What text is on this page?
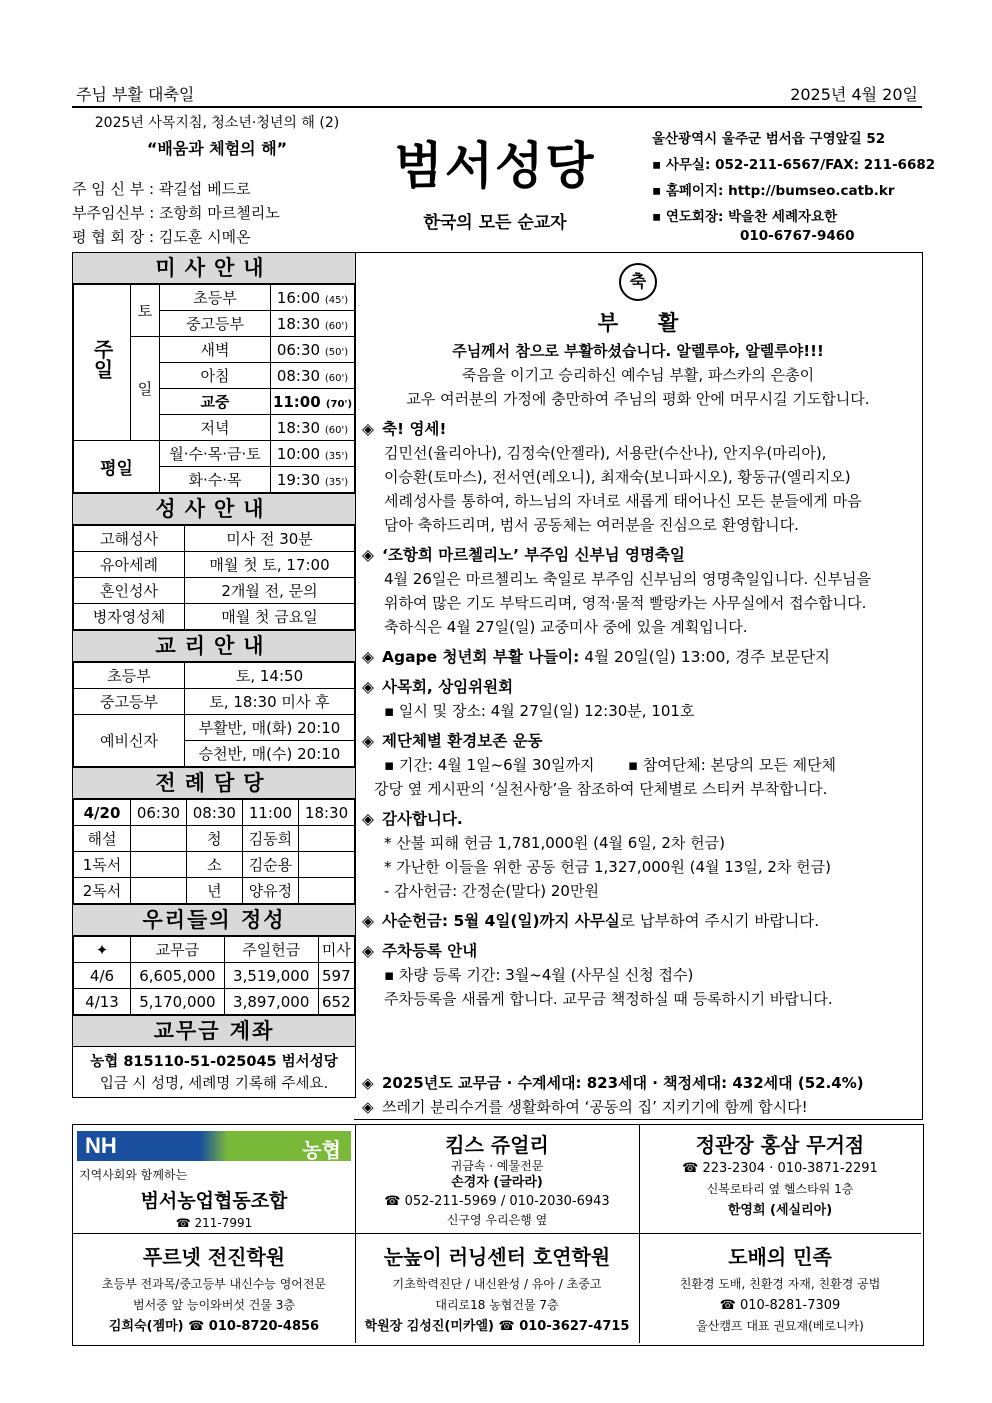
주님 부활 대축일	2025년 4월 20일
2025년 사목지침, 청소년·청년의 해 (2)
“배움과 체험의 해”
주 임 신 부 : 곽길섭 베드로
부주임신부 : 조항희 마르첼리노
평 협 회 장 : 김도훈 시메온
범서성당
한국의 모든 순교자
울산광역시 울주군 범서읍 구영앞길 52
▪ 사무실: 052-211-6567/FAX: 211-6682
▪ 홈페이지: http://bumseo.catb.kr
▪ 연도회장: 박을찬 세례자요한
010-6767-9460
미사안내
주일	토	초등부	16:00 (45')
		중고등부	18:30 (60')
	일	새벽	06:30 (50')
		아침	08:30 (60')
		교중	11:00 (70')
		저녁	18:30 (60')
평일		월·수·목·금·토	10:00 (35')
		화·수·목	19:30 (35')
성사안내
고해성사	미사 전 30분
유아세례	매월 첫 토, 17:00
혼인성사	2개월 전, 문의
병자영성체	매월 첫 금요일
교리안내
초등부	토, 14:50
중고등부	토, 18:30 미사 후
예비신자	부활반, 매(화) 20:10
	승천반, 매(수) 20:10
전례담당
4/20	06:30	08:30	11:00	18:30
해설		청	김동희	
1독서		소	김순용	
2독서		년	양유정	
우리들의 정성
✦	교무금	주일헌금	미사
4/6	6,605,000	3,519,000	597
4/13	5,170,000	3,897,000	652
교무금 계좌
농협 815110-51-025045 범서성당
입금 시 성명, 세례명 기록해 주세요.
축
부활
주님께서 참으로 부활하셨습니다. 알렐루야, 알렐루야!!!
죽음을 이기고 승리하신 예수님 부활, 파스카의 은총이
교우 여러분의 가정에 충만하여 주님의 평화 안에 머무시길 기도합니다.
◈ 축! 영세!
김민선(율리아나), 김정숙(안젤라), 서용란(수산나), 안지우(마리아),
이승환(토마스), 전서연(레오니), 최재숙(보니파시오), 황동규(엘리지오)
세례성사를 통하여, 하느님의 자녀로 새롭게 태어나신 모든 분들에게 마음
담아 축하드리며, 범서 공동체는 여러분을 진심으로 환영합니다.
◈ ‘조항희 마르첼리노’ 부주임 신부님 영명축일
4월 26일은 마르첼리노 축일로 부주임 신부님의 영명축일입니다. 신부님을
위하여 많은 기도 부탁드리며, 영적·물적 빨랑카는 사무실에서 접수합니다.
축하식은 4월 27일(일) 교중미사 중에 있을 계획입니다.
◈ Agape 청년회 부활 나들이: 4월 20일(일) 13:00, 경주 보문단지
◈ 사목회, 상임위원회
▪ 일시 및 장소: 4월 27일(일) 12:30분, 101호
◈ 제단체별 환경보존 운동
▪ 기간: 4월 1일~6월 30일까지       ▪ 참여단체: 본당의 모든 제단체
강당 옆 게시판의 ‘실천사항’을 참조하여 단체별로 스티커 부착합니다.
◈ 감사합니다.
* 산불 피해 헌금 1,781,000원 (4월 6일, 2차 헌금)
* 가난한 이들을 위한 공동 헌금 1,327,000원 (4월 13일, 2차 헌금)
- 감사헌금: 간정순(말다) 20만원
◈ 사순헌금: 5월 4일(일)까지 사무실로 납부하여 주시기 바랍니다.
◈ 주차등록 안내
▪ 차량 등록 기간: 3월~4월 (사무실 신청 접수)
주차등록을 새롭게 합니다. 교무금 책정하실 때 등록하시기 바랍니다.
◈ 2025년도 교무금 · 수계세대: 823세대 · 책정세대: 432세대 (52.4%)
◈ 쓰레기 분리수거를 생활화하여 ‘공동의 집’ 지키기에 함께 합시다!
NH	농협
지역사회와 함께하는
범서농업협동조합
☎ 211-7991
킴스 쥬얼리
귀금속 · 예물전문
손경자 (글라라)
☎ 052-211-5969 / 010-2030-6943
신구영 우리은행 옆
정관장 홍삼 무거점
☎ 223-2304 · 010-3871-2291
신복로타리 옆 헬스타워 1층
한영희 (세실리아)
푸르넷 전진학원
초등부 전과목/중고등부 내신수능 영어전문
범서중 앞 능이와버섯 건물 3층
김희숙(젬마) ☎ 010-8720-4856
눈높이 러닝센터 호연학원
기초학력진단 / 내신완성 / 유아 / 초중고
대리로18 농협건물 7층
학원장 김성진(미카엘) ☎ 010-3627-4715
도배의 민족
친환경 도배, 친환경 자재, 친환경 공법
☎ 010-8281-7309
울산캠프 대표 권묘재(베로니카)
